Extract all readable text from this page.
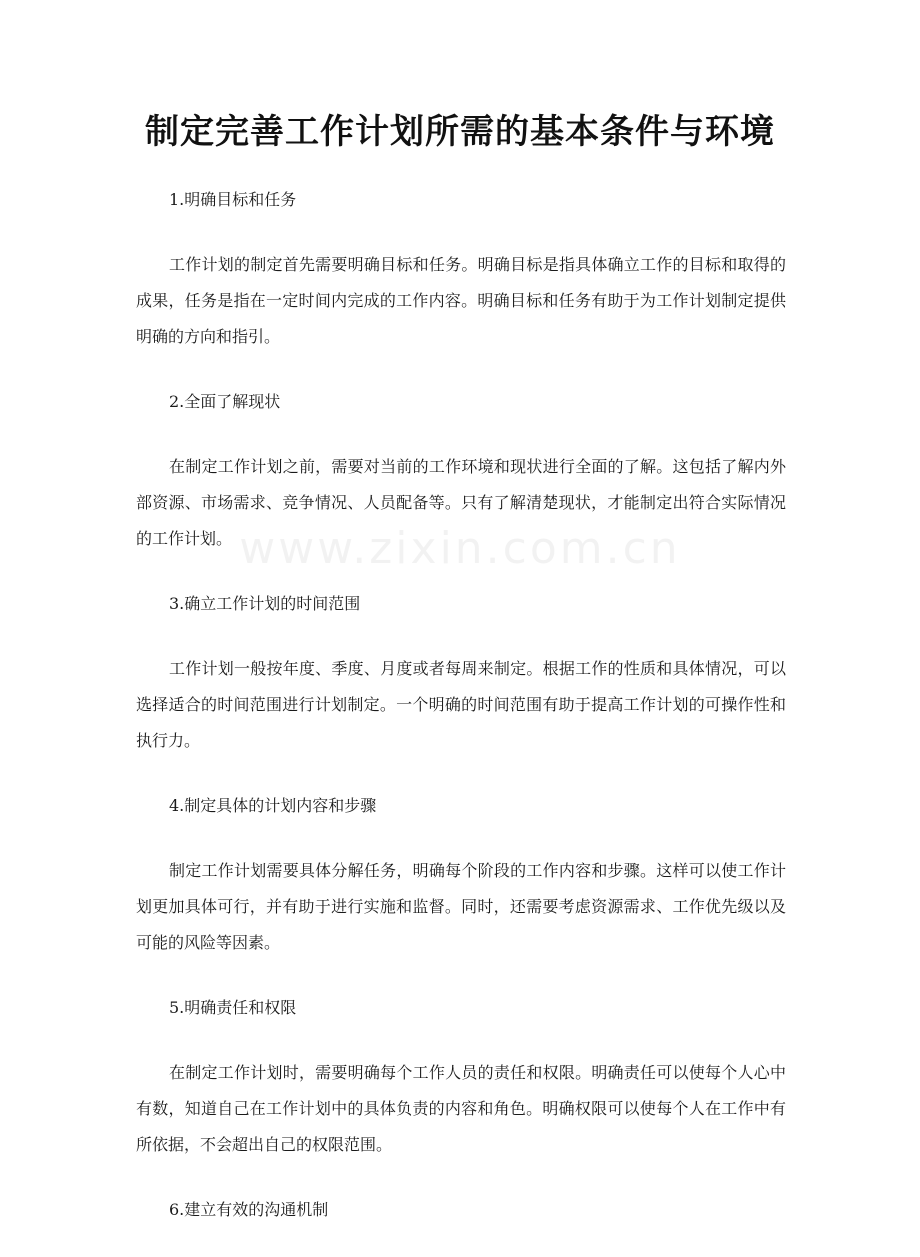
www.zixin.com.cn
制定完善工作计划所需的基本条件与环境

1.明确目标和任务

工作计划的制定首先需要明确目标和任务。明确目标是指具体确立工作的目标和取得的成果，任务是指在一定时间内完成的工作内容。明确目标和任务有助于为工作计划制定提供明确的方向和指引。

2.全面了解现状

在制定工作计划之前，需要对当前的工作环境和现状进行全面的了解。这包括了解内外部资源、市场需求、竞争情况、人员配备等。只有了解清楚现状，才能制定出符合实际情况的工作计划。

3.确立工作计划的时间范围

工作计划一般按年度、季度、月度或者每周来制定。根据工作的性质和具体情况，可以选择适合的时间范围进行计划制定。一个明确的时间范围有助于提高工作计划的可操作性和执行力。

4.制定具体的计划内容和步骤

制定工作计划需要具体分解任务，明确每个阶段的工作内容和步骤。这样可以使工作计划更加具体可行，并有助于进行实施和监督。同时，还需要考虑资源需求、工作优先级以及可能的风险等因素。

5.明确责任和权限

在制定工作计划时，需要明确每个工作人员的责任和权限。明确责任可以使每个人心中有数，知道自己在工作计划中的具体负责的内容和角色。明确权限可以使每个人在工作中有所依据，不会超出自己的权限范围。

6.建立有效的沟通机制
